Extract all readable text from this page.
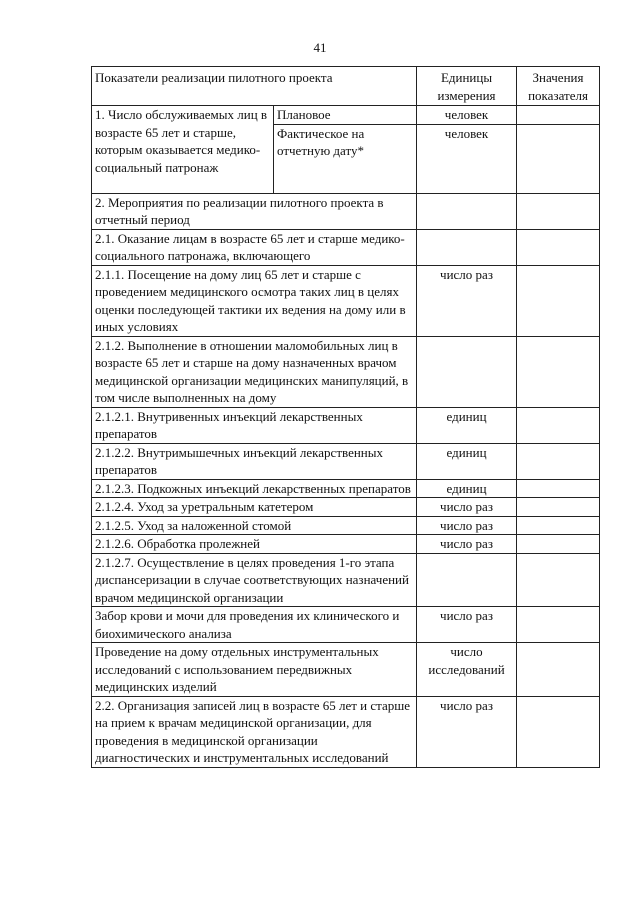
41
Показатели реализации пилотного проекта		Единицы измерения	Значения показателя
1. Число обслуживаемых лиц в возрасте 65 лет и старше, которым оказывается медико-социальный патронаж	Плановое	человек	
	Фактическое на отчетную дату*	человек	
2. Мероприятия по реализации пилотного проекта в отчетный период			
2.1. Оказание лицам в возрасте 65 лет и старше медико-социального патронажа, включающего			
2.1.1. Посещение на дому лиц 65 лет и старше с проведением медицинского осмотра таких лиц в целях оценки последующей тактики их ведения на дому или в иных условиях		число раз	
2.1.2. Выполнение в отношении маломобильных лиц в возрасте 65 лет и старше на дому назначенных врачом медицинской организации медицинских манипуляций, в том числе выполненных на дому			
2.1.2.1. Внутривенных инъекций лекарственных препаратов		единиц	
2.1.2.2. Внутримышечных инъекций лекарственных препаратов		единиц	
2.1.2.3. Подкожных инъекций лекарственных препаратов		единиц	
2.1.2.4. Уход за уретральным катетером		число раз	
2.1.2.5. Уход за наложенной стомой		число раз	
2.1.2.6. Обработка пролежней		число раз	
2.1.2.7. Осуществление в целях проведения 1-го этапа диспансеризации в случае соответствующих назначений врачом медицинской организации			
Забор крови и мочи для проведения их клинического и биохимического анализа		число раз	
Проведение на дому отдельных инструментальных исследований с использованием передвижных медицинских изделий		число исследований	
2.2. Организация записей лиц в возрасте 65 лет и старше на прием к врачам медицинской организации, для проведения в медицинской организации диагностических и инструментальных исследований		число раз	
